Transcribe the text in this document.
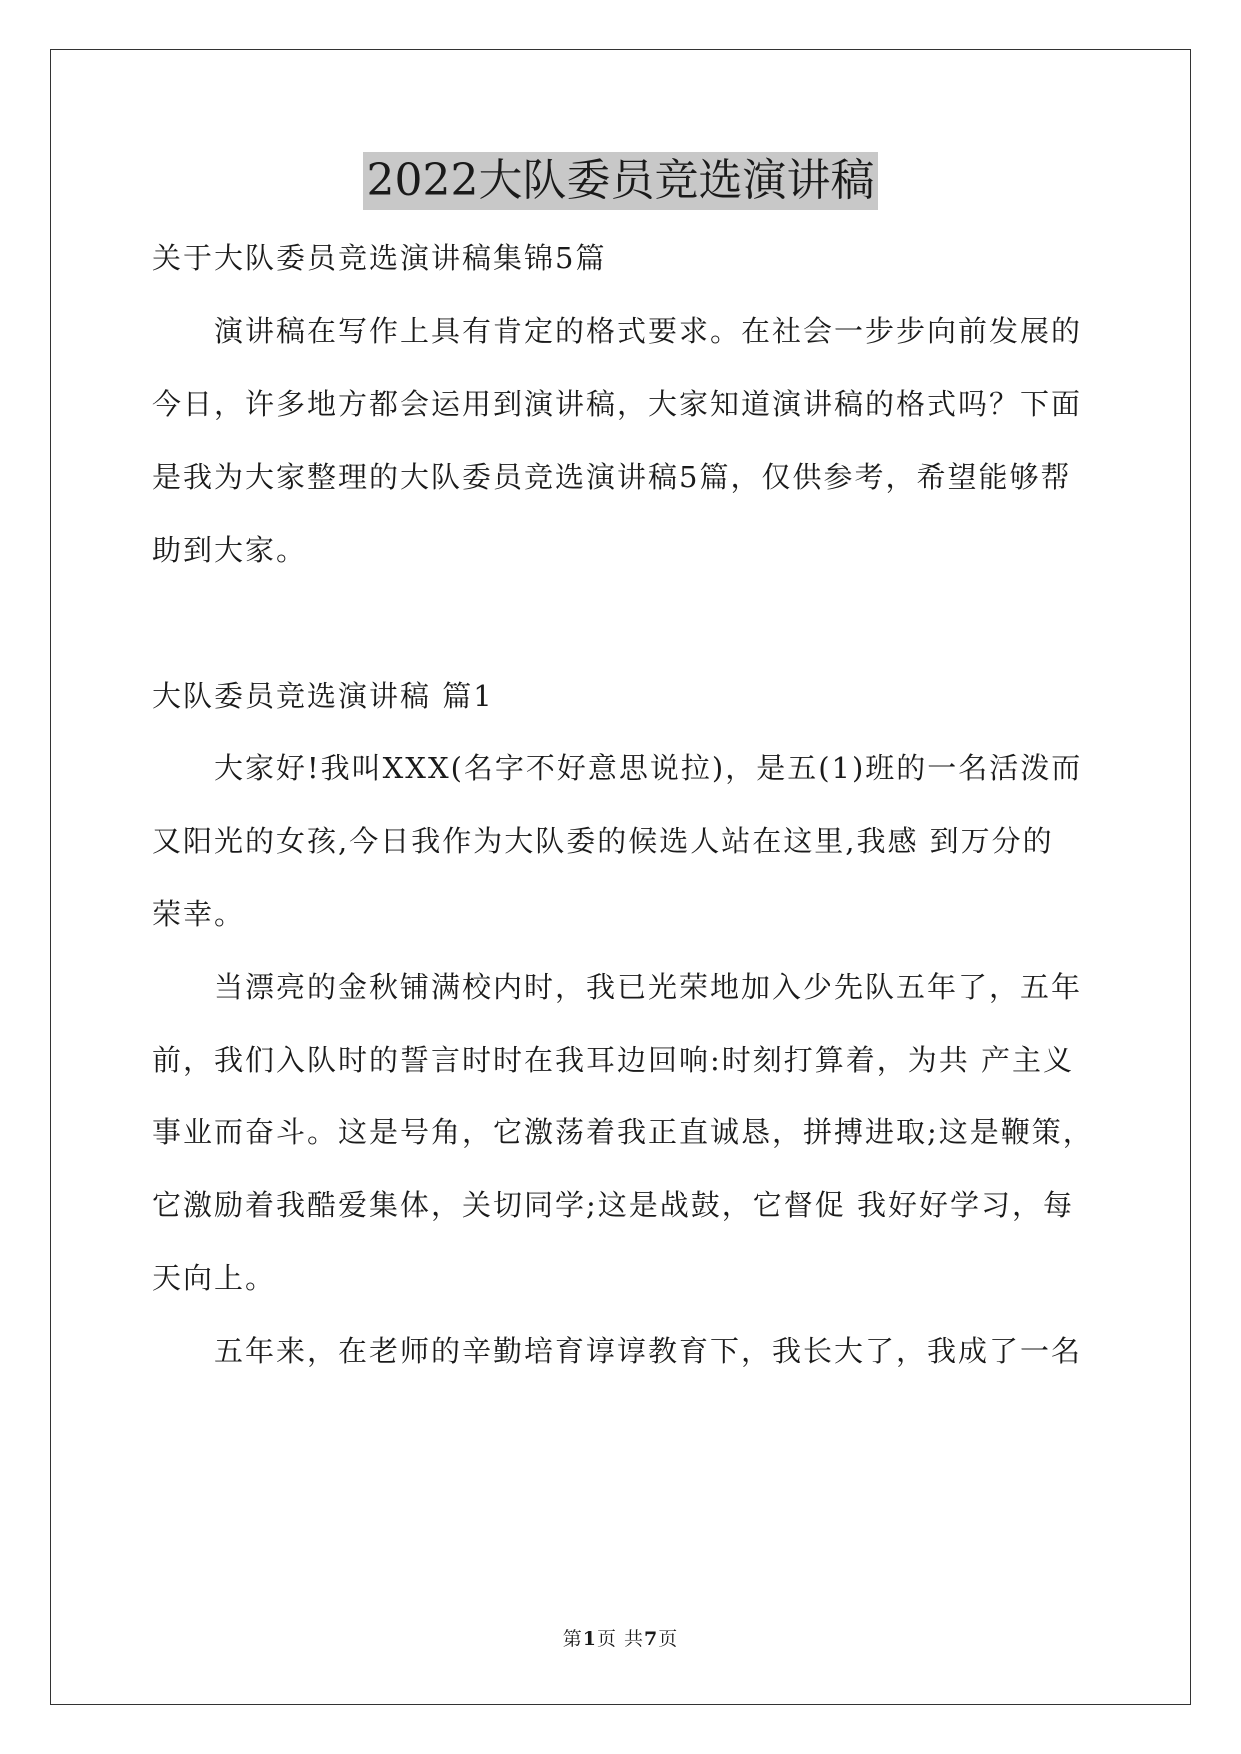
2022大队委员竞选演讲稿
关于大队委员竞选演讲稿集锦5篇
演讲稿在写作上具有肯定的格式要求。在社会一步步向前发展的
今日，许多地方都会运用到演讲稿，大家知道演讲稿的格式吗？下面
是我为大家整理的大队委员竞选演讲稿5篇，仅供参考，希望能够帮
助到大家。
大队委员竞选演讲稿 篇1
大家好!我叫XXX(名字不好意思说拉)，是五(1)班的一名活泼而
又阳光的女孩,今日我作为大队委的候选人站在这里,我感 到万分的
荣幸。
当漂亮的金秋铺满校内时，我已光荣地加入少先队五年了，五年
前，我们入队时的誓言时时在我耳边回响:时刻打算着，为共 产主义
事业而奋斗。这是号角，它激荡着我正直诚恳，拼搏进取;这是鞭策，
它激励着我酷爱集体，关切同学;这是战鼓，它督促 我好好学习，每
天向上。
五年来，在老师的辛勤培育谆谆教育下，我长大了，我成了一名
第1页 共7页
